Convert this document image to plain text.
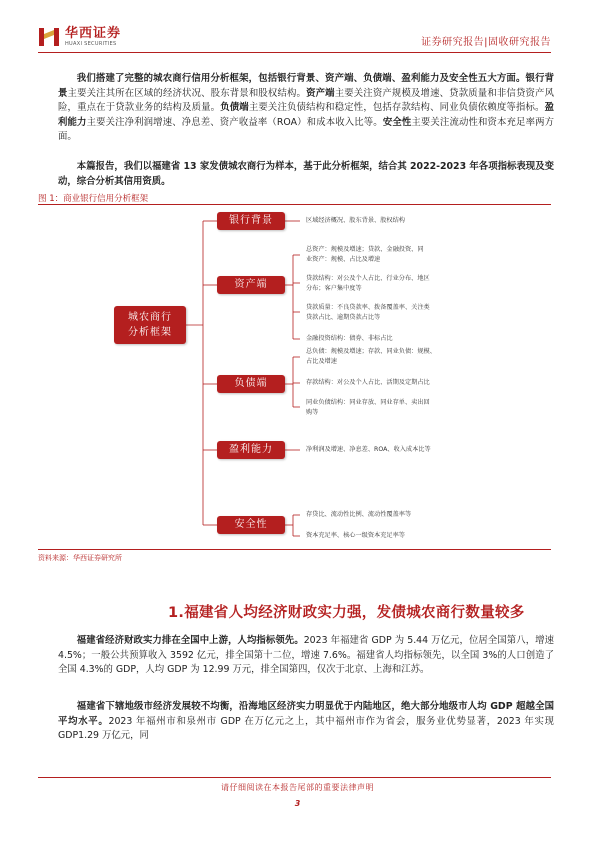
华西证券
HUAXI SECURITIES	证券研究报告|固收研究报告
我们搭建了完整的城农商行信用分析框架，包括银行背景、资产端、负债端、盈利能力及安全性五大方面。银行背景主要关注其所在区域的经济状况、股东背景和股权结构。资产端主要关注资产规模及增速、贷款质量和非信贷资产风险，重点在于贷款业务的结构及质量。负债端主要关注负债结构和稳定性，包括存款结构、同业负债依赖度等指标。盈利能力主要关注净利润增速、净息差、资产收益率（ROA）和成本收入比等。安全性主要关注流动性和资本充足率两方面。
本篇报告，我们以福建省 13 家发债城农商行为样本，基于此分析框架，结合其 2022-2023 年各项指标表现及变动，综合分析其信用资质。
图 1：商业银行信用分析框架
城农商行
分析框架
银行背景
资产端
负债端
盈利能力
安全性
区域经济概况、股东背景、股权结构
总资产：规模及增速；贷款、金融投资、同
业资产：规模、占比及增速
贷款结构：对公及个人占比、行业分布、地区
分布；客户集中度等
贷款质量：不良贷款率、拨备覆盖率、关注类
贷款占比、逾期贷款占比等
金融投资结构：债券、非标占比
总负债：规模及增速；存款、同业负债：规模、
占比及增速
存款结构：对公及个人占比、活期及定期占比
同业负债结构：同业存放、同业存单、卖出回
购等
净利润及增速、净息差、ROA、收入成本比等
存贷比、流动性比例、流动性覆盖率等
资本充足率、核心一级资本充足率等
资料来源：华西证券研究所
1.福建省人均经济财政实力强，发债城农商行数量较多
福建省经济财政实力排在全国中上游，人均指标领先。2023 年福建省 GDP 为 5.44 万亿元，位居全国第八，增速 4.5%；一般公共预算收入 3592 亿元，排全国第十二位，增速 7.6%。福建省人均指标领先，以全国 3%的人口创造了全国 4.3%的 GDP，人均 GDP 为 12.99 万元，排全国第四，仅次于北京、上海和江苏。
福建省下辖地级市经济发展较不均衡，沿海地区经济实力明显优于内陆地区，绝大部分地级市人均 GDP 超越全国平均水平。2023 年福州市和泉州市 GDP 在万亿元之上，其中福州市作为省会，服务业优势显著，2023 年实现 GDP1.29 万亿元，同
请仔细阅读在本报告尾部的重要法律声明
3
